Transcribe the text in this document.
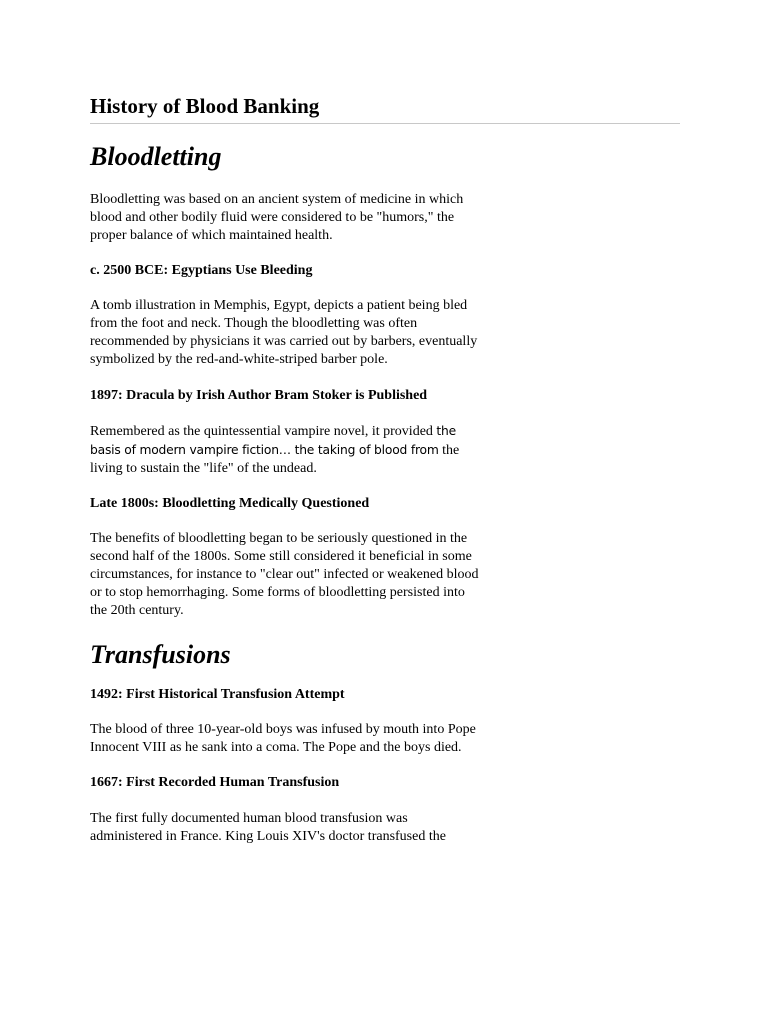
History of Blood Banking
Bloodletting

Bloodletting was based on an ancient system of medicine in which blood and other bodily fluid were considered to be "humors," the proper balance of which maintained health.

c. 2500 BCE: Egyptians Use Bleeding

A tomb illustration in Memphis, Egypt, depicts a patient being bled from the foot and neck. Though the bloodletting was often recommended by physicians it was carried out by barbers, eventually symbolized by the red-and-white-striped barber pole.

1897: Dracula by Irish Author Bram Stoker is Published

Remembered as the quintessential vampire novel, it provided the basis of modern vampire fiction… the taking of blood from the living to sustain the "life" of the undead.

Late 1800s: Bloodletting Medically Questioned

The benefits of bloodletting began to be seriously questioned in the second half of the 1800s. Some still considered it beneficial in some circumstances, for instance to "clear out" infected or weakened blood or to stop hemorrhaging. Some forms of bloodletting persisted into the 20th century.

Transfusions
1492: First Historical Transfusion Attempt

The blood of three 10-year-old boys was infused by mouth into Pope Innocent VIII as he sank into a coma. The Pope and the boys died.

1667: First Recorded Human Transfusion

The first fully documented human blood transfusion was administered in France. King Louis XIV's doctor transfused the
